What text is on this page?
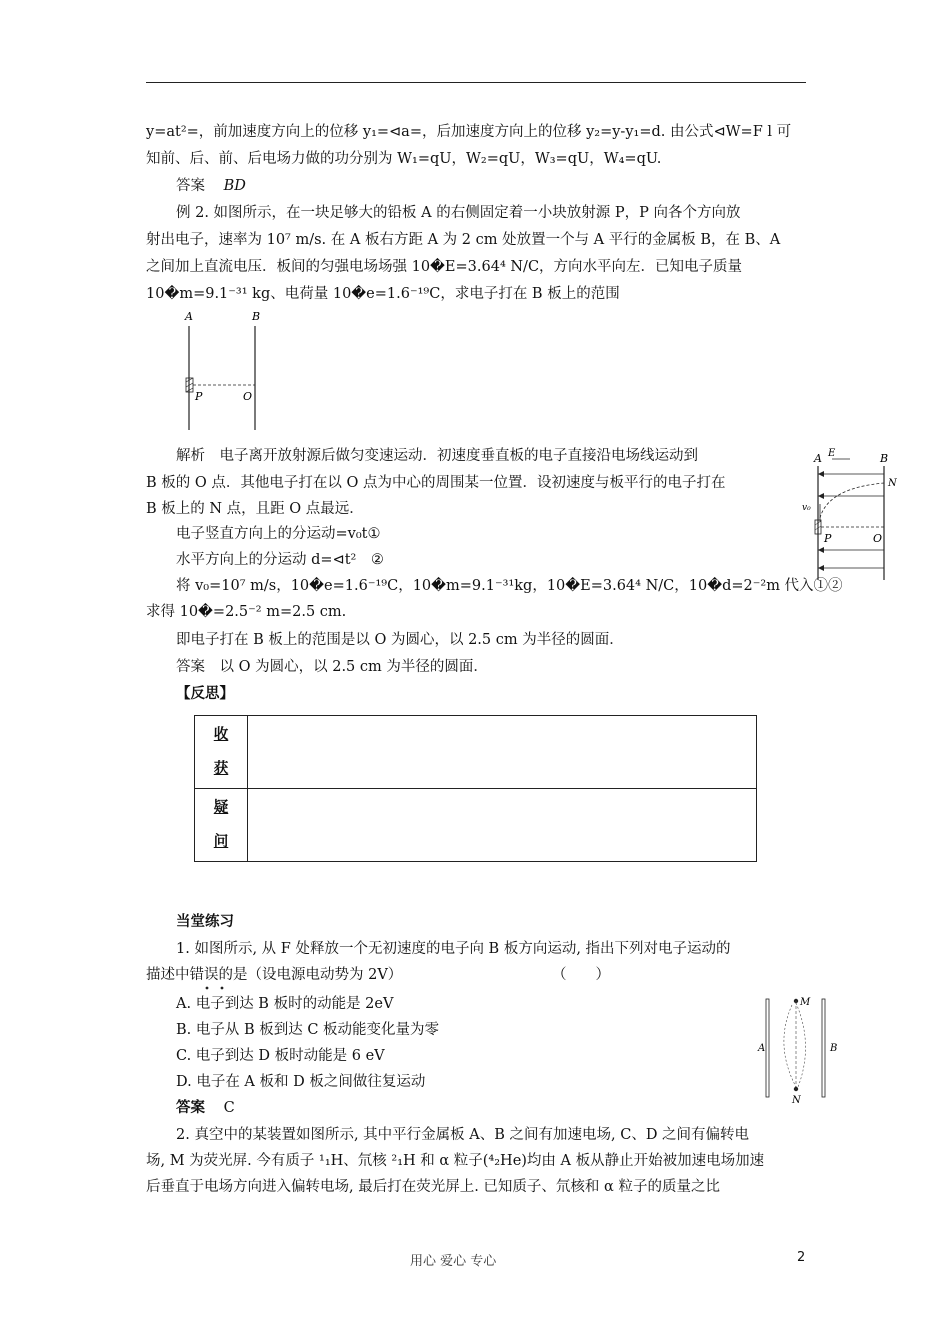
y=at²=，前加速度方向上的位移 y₁=⊲a=，后加速度方向上的位移 y₂=y-y₁=d. 由公式⊲W=F l 可
知前、后、前、后电场力做的功分别为 W₁=qU，W₂=qU，W₃=qU，W₄=qU.
答案 BD
例 2. 如图所示，在一块足够大的铅板 A 的右侧固定着一小块放射源 P，P 向各个方向放
射出电子，速率为 10⁷ m/s. 在 A 板右方距 A 为 2 cm 处放置一个与 A 平行的金属板 B，在 B、A
之间加上直流电压．板间的匀强电场场强 10�E=3.64⁴ N/C，方向水平向左．已知电子质量
10�m=9.1⁻³¹ kg、电荷量 10�e=1.6⁻¹⁹C，求电子打在 B 板上的范围
A	B
P	O
解析　电子离开放射源后做匀变速运动．初速度垂直板的电子直接沿电场线运动到
B 板的 O 点．其他电子打在以 O 点为中心的周围某一位置．设初速度与板平行的电子打在
B 板上的 N 点，且距 O 点最远．
电子竖直方向上的分运动=v₀t①
水平方向上的分运动 d=⊲t²　②
将 v₀=10⁷ m/s，10�e=1.6⁻¹⁹C，10�m=9.1⁻³¹kg，10�E=3.64⁴ N/C，10�d=2⁻²m 代入①②
求得 10�=2.5⁻² m=2.5 cm.
即电子打在 B 板上的范围是以 O 为圆心，以 2.5 cm 为半径的圆面．
答案　以 O 为圆心，以 2.5 cm 为半径的圆面．
A E	B
N
v₀
P	O
【反思】
收
获	

疑
问	

当堂练习
1. 如图所示, 从 F 处释放一个无初速度的电子向 B 板方向运动, 指出下列对电子运动的
描述中错误的是（设电源电动势为 2V）	（　　）
A. 电子到达 B 板时的动能是 2eV
B. 电子从 B 板到达 C 板动能变化量为零
C. 电子到达 D 板时动能是 6 eV
D. 电子在 A 板和 D 板之间做往复运动
答案 C
M
A	B
N
2. 真空中的某装置如图所示, 其中平行金属板 A、B 之间有加速电场, C、D 之间有偏转电
场, M 为荧光屏. 今有质子 ¹₁H、氘核 ²₁H 和 α 粒子(⁴₂He)均由 A 板从静止开始被加速电场加速
后垂直于电场方向进入偏转电场, 最后打在荧光屏上. 已知质子、氘核和 α 粒子的质量之比
用心 爱心 专心	2
